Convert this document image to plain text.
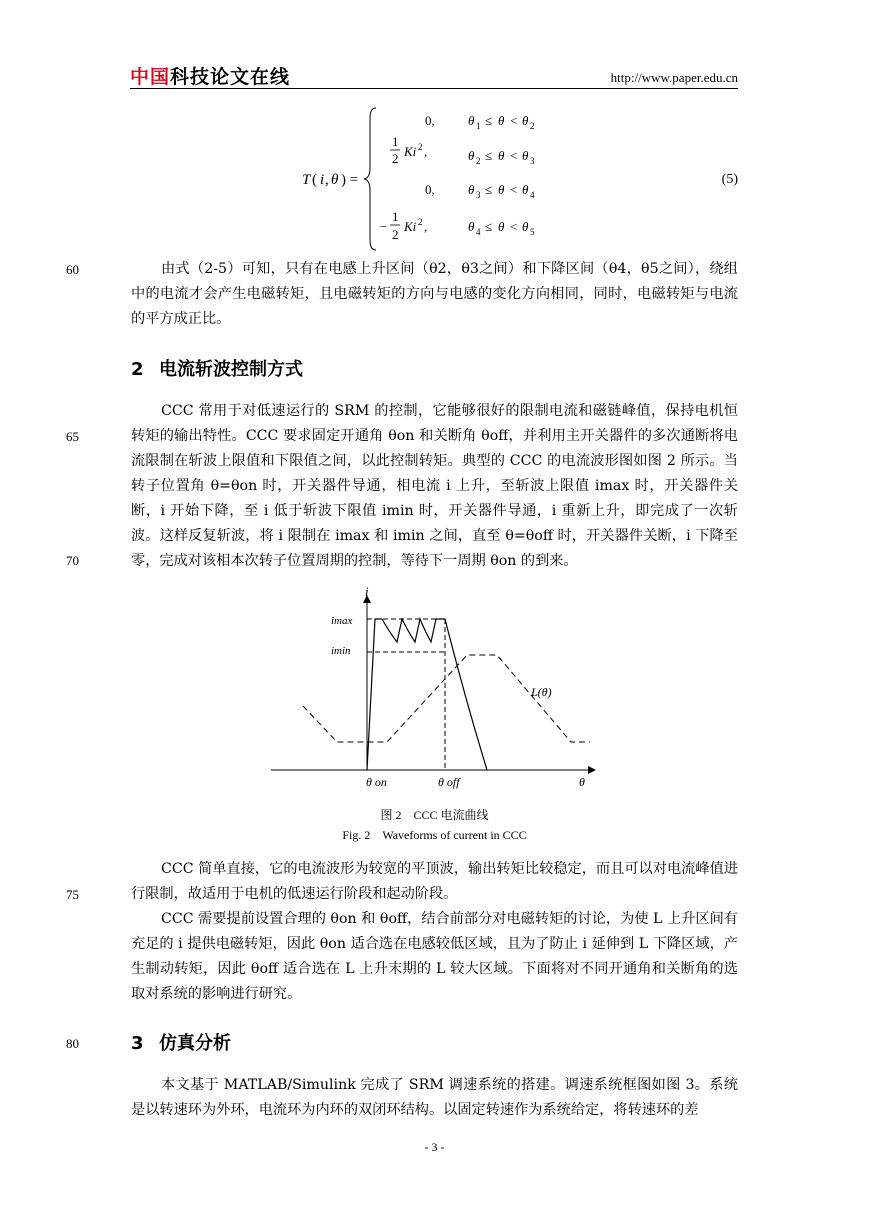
中国科技论文在线	http://www.paper.edu.cn
T ( i , θ ) =
0,	θ 1 ≤ θ < θ 2
1
2 Ki 2 ,	θ 2 ≤ θ < θ 3
0,	θ 3 ≤ θ < θ 4
−
1
2
Ki 2 ,	θ 4 ≤ θ < θ 5
(5)
60
65
70
75
80

由式（2-5）可知，只有在电感上升区间（θ2，θ3之间）和下降区间（θ4，θ5之间），绕组中的电流才会产生电磁转矩，且电磁转矩的方向与电感的变化方向相同，同时，电磁转矩与电流的平方成正比。

2 电流斩波控制方式

CCC 常用于对低速运行的 SRM 的控制，它能够很好的限制电流和磁链峰值，保持电机恒转矩的输出特性。CCC 要求固定开通角 θon 和关断角 θoff，并利用主开关器件的多次通断将电流限制在斩波上限值和下限值之间，以此控制转矩。典型的 CCC 的电流波形图如图 2 所示。当转子位置角 θ=θon 时，开关器件导通，相电流 i 上升，至斩波上限值 imax 时，开关器件关断，i 开始下降，至 i 低于斩波下限值 imin 时，开关器件导通，i 重新上升，即完成了一次斩波。这样反复斩波，将 i 限制在 imax 和 imin 之间，直至 θ=θoff 时，开关器件关断，i 下降至零，完成对该相本次转子位置周期的控制，等待下一周期 θon 的到来。

i
imax
imin
L(θ)
θ on	θ off	θ
图 2　CCC 电流曲线
Fig. 2　Waveforms of current in CCC

CCC 简单直接，它的电流波形为较宽的平顶波，输出转矩比较稳定，而且可以对电流峰值进行限制，故适用于电机的低速运行阶段和起动阶段。

CCC 需要提前设置合理的 θon 和 θoff，结合前部分对电磁转矩的讨论，为使 L 上升区间有充足的 i 提供电磁转矩，因此 θon 适合选在电感较低区域，且为了防止 i 延伸到 L 下降区域，产生制动转矩，因此 θoff 适合选在 L 上升末期的 L 较大区域。下面将对不同开通角和关断角的选取对系统的影响进行研究。

3 仿真分析

本文基于 MATLAB/Simulink 完成了 SRM 调速系统的搭建。调速系统框图如图 3。系统是以转速环为外环，电流环为内环的双闭环结构。以固定转速作为系统给定，将转速环的差

- 3 -
